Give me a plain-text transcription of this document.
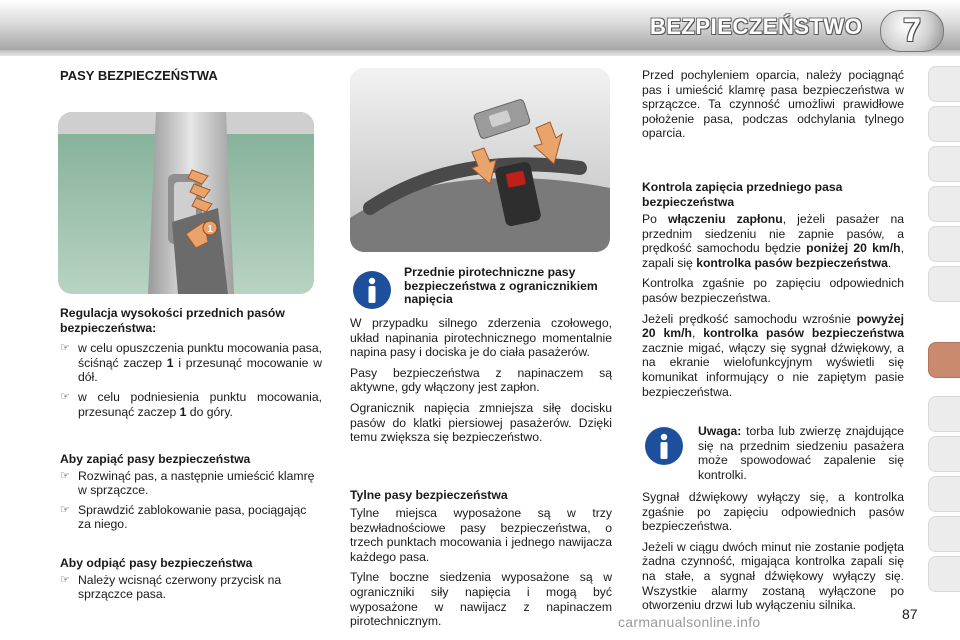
BEZPIECZEŃSTWO	7
PASY BEZPIECZEŃSTWA
1

Regulacja wysokości przednich pasów bezpieczeństwa:

☞ w celu opuszczenia punktu mocowania pasa, ściśnąć zaczep 1 i przesunąć mocowanie w dół.
☞ w celu podniesienia punktu mocowania, przesunąć zaczep 1 do góry.

Aby zapiąć pasy bezpieczeństwa

☞ Rozwinąć pas, a następnie umieścić klamrę w sprzączce.
☞ Sprawdzić zablokowanie pasa, pociągając za niego.

Aby odpiąć pasy bezpieczeństwa

☞ Należy wcisnąć czerwony przycisk na sprzączce pasa.
Przednie pirotechniczne pasy bezpieczeństwa z ogranicznikiem napięcia

W przypadku silnego zderzenia czołowego, układ napinania pirotechnicznego momentalnie napina pasy i dociska je do ciała pasażerów.

Pasy bezpieczeństwa z napinaczem są aktywne, gdy włączony jest zapłon.

Ogranicznik napięcia zmniejsza siłę docisku pasów do klatki piersiowej pasażerów. Dzięki temu zwiększa się bezpieczeństwo.

Tylne pasy bezpieczeństwa

Tylne miejsca wyposażone są w trzy bezwładnościowe pasy bezpieczeństwa, o trzech punktach mocowania i jednego nawijacza każdego pasa.

Tylne boczne siedzenia wyposażone są w ograniczniki siły napięcia i mogą być wyposażone w nawijacz z napinaczem pirotechnicznym.

Przed pochyleniem oparcia, należy pociągnąć pas i umieścić klamrę pasa bezpieczeństwa w sprzączce. Ta czynność umożliwi prawidłowe położenie pasa, podczas odchylania tylnego oparcia.

Kontrola zapięcia przedniego pasa bezpieczeństwa

Po włączeniu zapłonu, jeżeli pasażer na przednim siedzeniu nie zapnie pasów, a prędkość samochodu będzie poniżej 20 km/h, zapali się kontrolka pasów bezpieczeństwa.

Kontrolka zgaśnie po zapięciu odpowiednich pasów bezpieczeństwa.

Jeżeli prędkość samochodu wzrośnie powyżej 20 km/h, kontrolka pasów bezpieczeństwa zacznie migać, włączy się sygnał dźwiękowy, a na ekranie wielofunkcyjnym wyświetli się komunikat informujący o nie zapiętym pasie bezpieczeństwa.

Uwaga: torba lub zwierzę znajdujące się na przednim siedzeniu pasażera może spowodować zapalenie się kontrolki.

Sygnał dźwiękowy wyłączy się, a kontrolka zgaśnie po zapięciu odpowiednich pasów bezpieczeństwa.

Jeżeli w ciągu dwóch minut nie zostanie podjęta żadna czynność, migająca kontrolka zapali się na stałe, a sygnał dźwiękowy wyłączy się. Wszystkie alarmy zostaną wyłączone po otworzeniu drzwi lub wyłączeniu silnika.

87
carmanualsonline.info
